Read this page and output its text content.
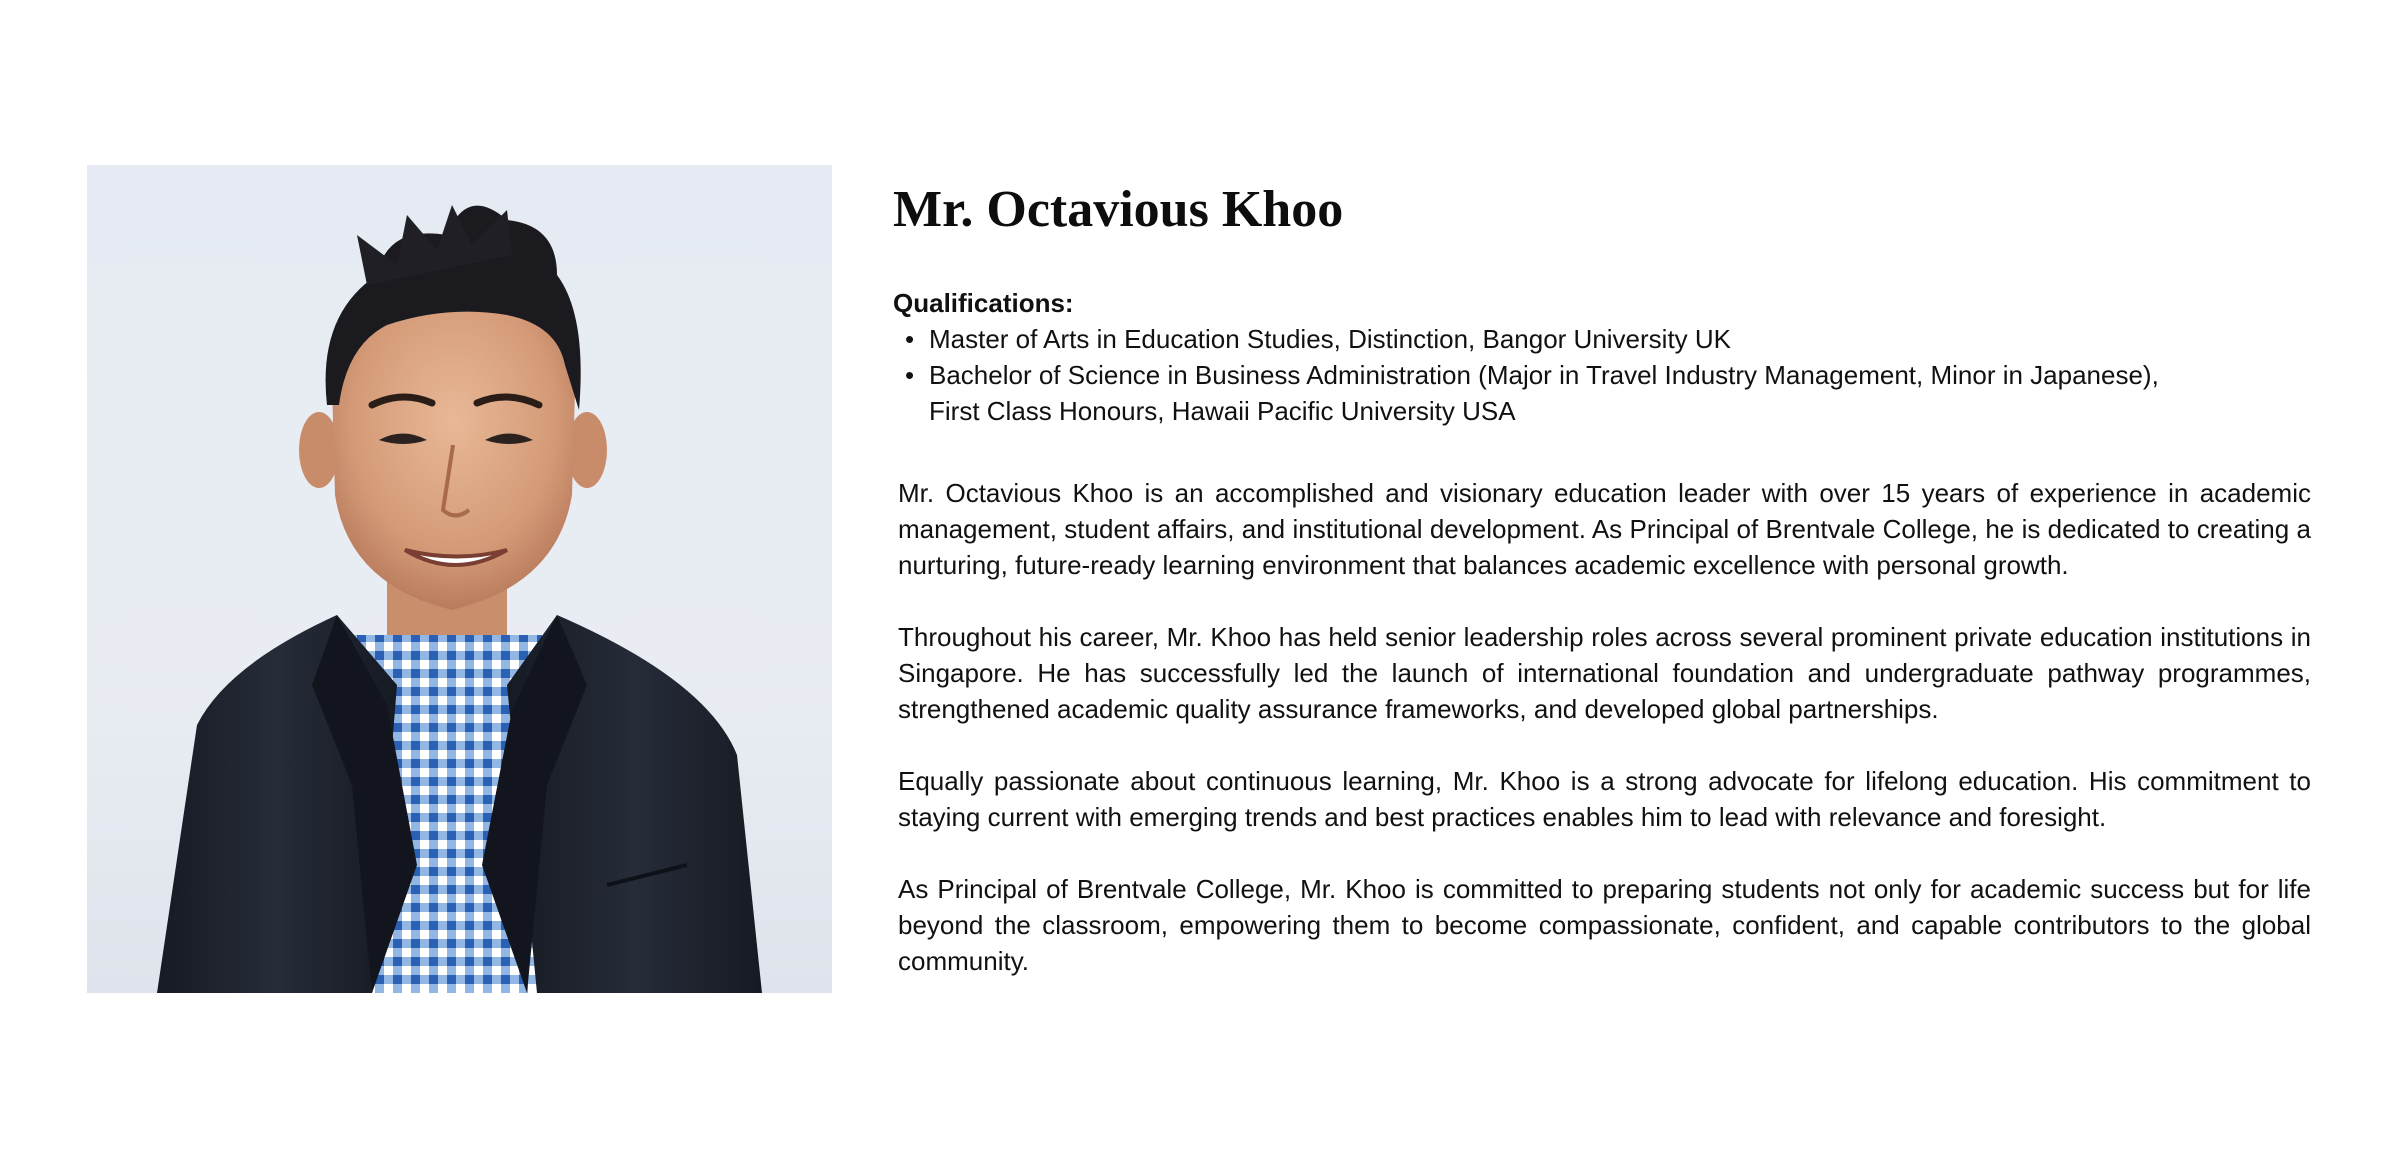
Mr. Octavious Khoo

Qualifications:

• Master of Arts in Education Studies, Distinction, Bangor University UK
• Bachelor of Science in Business Administration (Major in Travel Industry Management, Minor in Japanese),
First Class Honours, Hawaii Pacific University USA

Mr. Octavious Khoo is an accomplished and visionary education leader with over 15 years of experience in academic management, student affairs, and institutional development. As Principal of Brentvale College, he is dedicated to creating a nurturing, future-ready learning environment that balances academic excellence with personal growth.

Throughout his career, Mr. Khoo has held senior leadership roles across several prominent private education institutions in Singapore. He has successfully led the launch of international foundation and undergraduate pathway programmes, strengthened academic quality assurance frameworks, and developed global partnerships.

Equally passionate about continuous learning, Mr. Khoo is a strong advocate for lifelong education. His commitment to staying current with emerging trends and best practices enables him to lead with relevance and foresight.

As Principal of Brentvale College, Mr. Khoo is committed to preparing students not only for academic success but for life beyond the classroom, empowering them to become compassionate, confident, and capable contributors to the global community.
